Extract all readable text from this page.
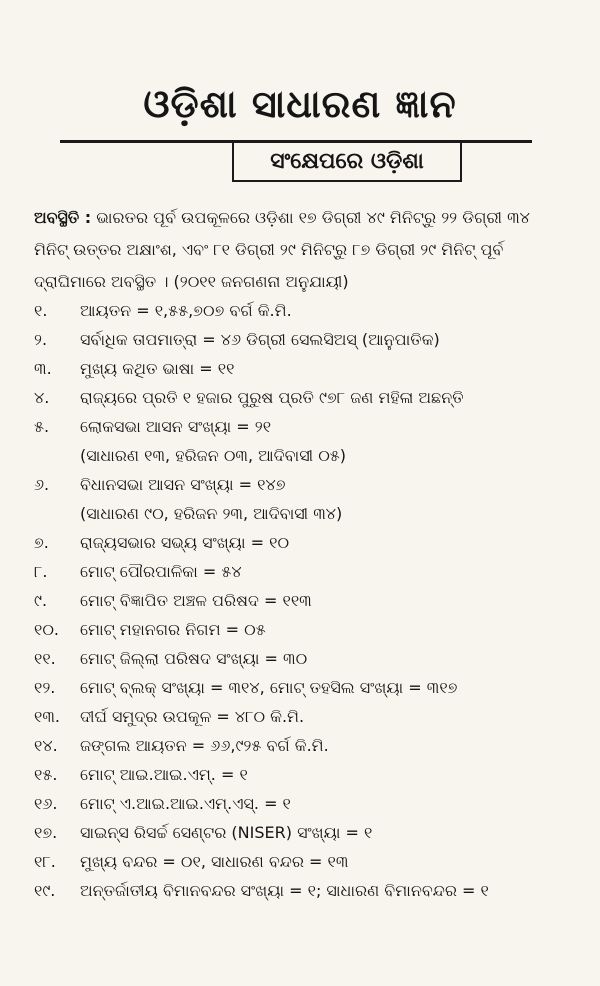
ଓଡ଼ିଶା ସାଧାରଣ ଜ୍ଞାନ
ସଂକ୍ଷେପରେ ଓଡ଼ିଶା
ଅବସ୍ଥିତି : ଭାରତର ପୂର୍ବ ଉପକୂଳରେ ଓଡ଼ିଶା ୧୭ ଡିଗ୍ରୀ ୪୯ ମିନିଟ୍‌ରୁ ୨୨ ଡିଗ୍ରୀ ୩୪ ମିନିଟ୍ ଉତ୍ତର ଅକ୍ଷାଂଶ, ଏବଂ ୮୧ ଡିଗ୍ରୀ ୨୯ ମିନିଟ୍‌ରୁ ୮୭ ଡିଗ୍ରୀ ୨୯ ମିନିଟ୍ ପୂର୍ବ ଦ୍ରାଘିମାରେ ଅବସ୍ଥିତ । (୨୦୧୧ ଜନଗଣନା ଅନୁଯାୟୀ)
୧.	ଆୟତନ = ୧,୫୫,୭୦୭ ବର୍ଗ କି.ମି.
୨.	ସର୍ବାଧିକ ତାପମାତ୍ରା = ୪୬ ଡିଗ୍ରୀ ସେଲସିଅସ୍ (ଆନୁପାତିକ)
୩.	ମୁଖ୍ୟ କଥିତ ଭାଷା = ୧୧
୪.	ରାଜ୍ୟରେ ପ୍ରତି ୧ ହଜାର ପୁରୁଷ ପ୍ରତି ୯୭୮ ଜଣ ମହିଳା ଅଛନ୍ତି
୫.	ଲୋକସଭା ଆସନ ସଂଖ୍ୟା = ୨୧
(ସାଧାରଣ ୧୩, ହରିଜନ ୦୩, ଆଦିବାସୀ ୦୫)
୬.	ବିଧାନସଭା ଆସନ ସଂଖ୍ୟା = ୧୪୭
(ସାଧାରଣ ୯୦, ହରିଜନ ୨୩, ଆଦିବାସୀ ୩୪)
୭.	ରାଜ୍ୟସଭାର ସଭ୍ୟ ସଂଖ୍ୟା = ୧୦
୮.	ମୋଟ୍ ପୌରପାଳିକା = ୫୪
୯.	ମୋଟ୍ ବିଜ୍ଞାପିତ ଅଞ୍ଚଳ ପରିଷଦ = ୧୧୩
୧୦.	ମୋଟ୍ ମହାନଗର ନିଗମ = ୦୫
୧୧.	ମୋଟ୍ ଜିଲ୍ଲା ପରିଷଦ ସଂଖ୍ୟା = ୩୦
୧୨.	ମୋଟ୍ ବ୍ଲକ୍ ସଂଖ୍ୟା = ୩୧୪, ମୋଟ୍ ତହସିଲ ସଂଖ୍ୟା = ୩୧୭
୧୩.	ଦୀର୍ଘ ସମୁଦ୍ର ଉପକୂଳ = ୪୮୦ କି.ମି.
୧୪.	ଜଙ୍ଗଲ ଆୟତନ = ୬୬,୯୨୫ ବର୍ଗ କି.ମି.
୧୫.	ମୋଟ୍ ଆଇ.ଆଇ.ଏମ୍. = ୧
୧୬.	ମୋଟ୍ ଏ.ଆଇ.ଆଇ.ଏମ୍.ଏସ୍. = ୧
୧୭.	ସାଇନ୍ସ ରିସର୍ଚ୍ଚ ସେଣ୍ଟର (NISER) ସଂଖ୍ୟା = ୧
୧୮.	ମୁଖ୍ୟ ବନ୍ଦର = ୦୧, ସାଧାରଣ ବନ୍ଦର = ୧୩
୧୯.	ଅନ୍ତର୍ଜାତୀୟ ବିମାନବନ୍ଦର ସଂଖ୍ୟା = ୧; ସାଧାରଣ ବିମାନବନ୍ଦର = ୧
